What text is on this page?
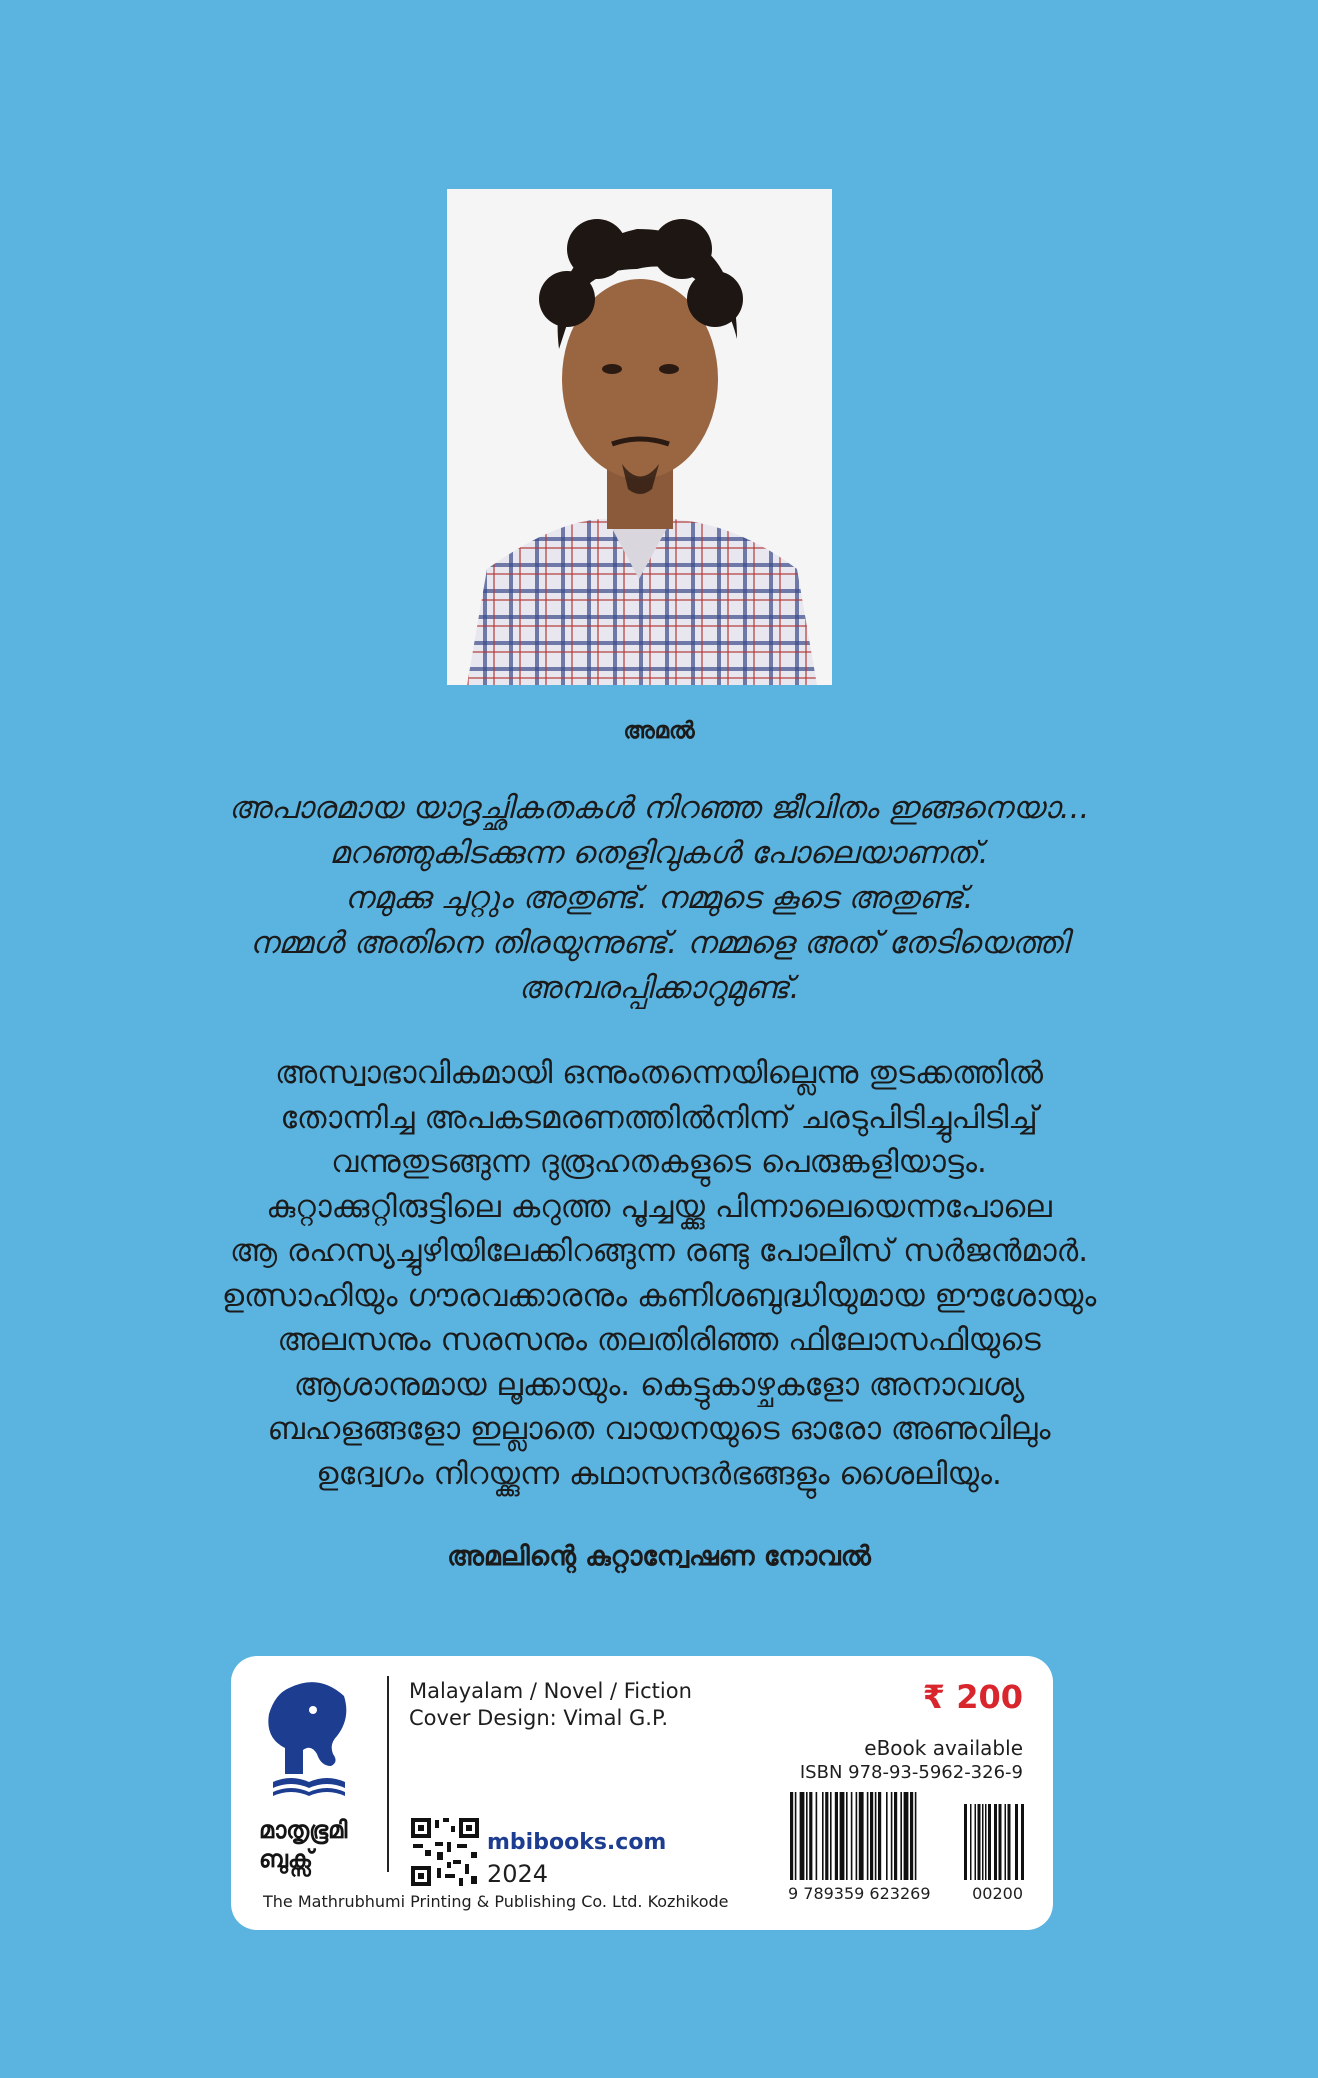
അമൽ
അപാരമായ യാദൃച്ഛികതകൾ നിറഞ്ഞ ജീവിതം ഇങ്ങനെയാ...
മറഞ്ഞുകിടക്കുന്ന തെളിവുകൾ പോലെയാണത്.
നമുക്കു ചുറ്റും അതുണ്ട്. നമ്മുടെ കൂടെ അതുണ്ട്.
നമ്മൾ അതിനെ തിരയുന്നുണ്ട്. നമ്മളെ അത് തേടിയെത്തി
അമ്പരപ്പിക്കാറുമുണ്ട്.
അസ്വാഭാവികമായി ഒന്നുംതന്നെയില്ലെന്നു തുടക്കത്തിൽ
തോന്നിച്ച അപകടമരണത്തിൽനിന്ന് ചരടുപിടിച്ചുപിടിച്ച്
വന്നുതുടങ്ങുന്ന ദുരൂഹതകളുടെ പെരുങ്കളിയാട്ടം.
കുറ്റാക്കുറ്റിരുട്ടിലെ കറുത്ത പൂച്ചയ്ക്കു പിന്നാലെയെന്നപോലെ
ആ രഹസ്യച്ചുഴിയിലേക്കിറങ്ങുന്ന രണ്ടു പോലീസ് സർജൻമാർ.
ഉത്സാഹിയും ഗൗരവക്കാരനും കണിശബുദ്ധിയുമായ ഈശോയും
അലസനും സരസനും തലതിരിഞ്ഞ ഫിലോസഫിയുടെ
ആശാനുമായ ലൂക്കായും. കെട്ടുകാഴ്ചകളോ അനാവശ്യ
ബഹളങ്ങളോ ഇല്ലാതെ വായനയുടെ ഓരോ അണുവിലും
ഉദ്വേഗം നിറയ്ക്കുന്ന കഥാസന്ദർഭങ്ങളും ശൈലിയും.
അമലിന്റെ കുറ്റാന്വേഷണ നോവൽ
മാതൃഭൂമി
ബുക്സ്
Malayalam / Novel / Fiction
Cover Design: Vimal G.P.
mbibooks.com
2024
The Mathrubhumi Printing & Publishing Co. Ltd. Kozhikode
₹ 200
eBook available
ISBN 978-93-5962-326-9
9 789359 623269	00200
